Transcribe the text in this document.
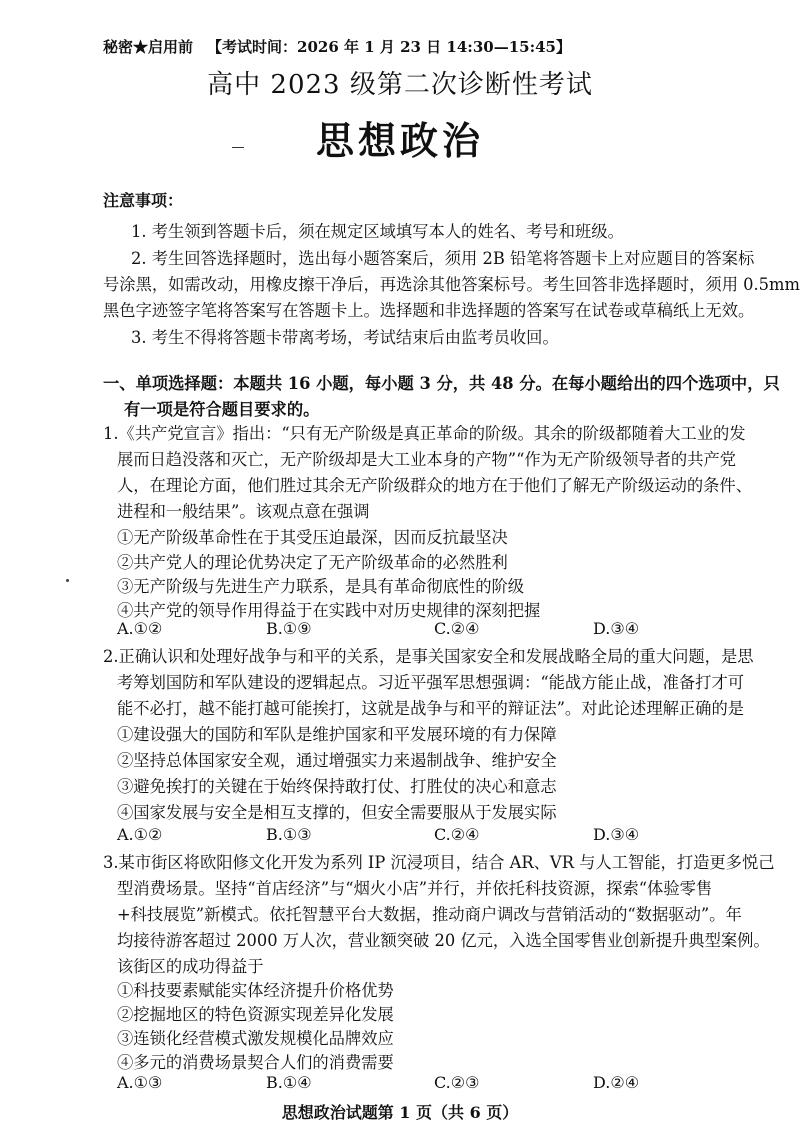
秘密★启用前 【考试时间：2026 年 1 月 23 日 14:30—15:45】
高中 2023 级第二次诊断性考试
思想政治
注意事项：
1. 考生领到答题卡后，须在规定区域填写本人的姓名、考号和班级。
2. 考生回答选择题时，选出每小题答案后，须用 2B 铅笔将答题卡上对应题目的答案标
号涂黑，如需改动，用橡皮擦干净后，再选涂其他答案标号。考生回答非选择题时，须用 0.5mm
黑色字迹签字笔将答案写在答题卡上。选择题和非选择题的答案写在试卷或草稿纸上无效。
3. 考生不得将答题卡带离考场，考试结束后由监考员收回。
一、单项选择题：本题共 16 小题，每小题 3 分，共 48 分。在每小题给出的四个选项中，只
有一项是符合题目要求的。
1.《共产党宣言》指出：“只有无产阶级是真正革命的阶级。其余的阶级都随着大工业的发
展而日趋没落和灭亡，无产阶级却是大工业本身的产物”“作为无产阶级领导者的共产党
人，在理论方面，他们胜过其余无产阶级群众的地方在于他们了解无产阶级运动的条件、
进程和一般结果”。该观点意在强调
①无产阶级革命性在于其受压迫最深，因而反抗最坚决
②共产党人的理论优势决定了无产阶级革命的必然胜利
③无产阶级与先进生产力联系，是具有革命彻底性的阶级
④共产党的领导作用得益于在实践中对历史规律的深刻把握
A.①②	B.①⑨	C.②④	D.③④
2.正确认识和处理好战争与和平的关系，是事关国家安全和发展战略全局的重大问题，是思
考筹划国防和军队建设的逻辑起点。习近平强军思想强调：“能战方能止战，准备打才可
能不必打，越不能打越可能挨打，这就是战争与和平的辩证法”。对此论述理解正确的是
①建设强大的国防和军队是维护国家和平发展环境的有力保障
②坚持总体国家安全观，通过增强实力来遏制战争、维护安全
③避免挨打的关键在于始终保持敢打仗、打胜仗的决心和意志
④国家发展与安全是相互支撑的，但安全需要服从于发展实际
A.①②	B.①③	C.②④	D.③④
3.某市街区将欧阳修文化开发为系列 IP 沉浸项目，结合 AR、VR 与人工智能，打造更多悦己
型消费场景。坚持“首店经济”与“烟火小店”并行，并依托科技资源，探索“体验零售
+科技展览”新模式。依托智慧平台大数据，推动商户调改与营销活动的“数据驱动”。年
均接待游客超过 2000 万人次，营业额突破 20 亿元，入选全国零售业创新提升典型案例。
该街区的成功得益于
①科技要素赋能实体经济提升价格优势
②挖掘地区的特色资源实现差异化发展
③连锁化经营模式激发规模化品牌效应
④多元的消费场景契合人们的消费需要
A.①③	B.①④	C.②③	D.②④
思想政治试题第 1 页（共 6 页）
